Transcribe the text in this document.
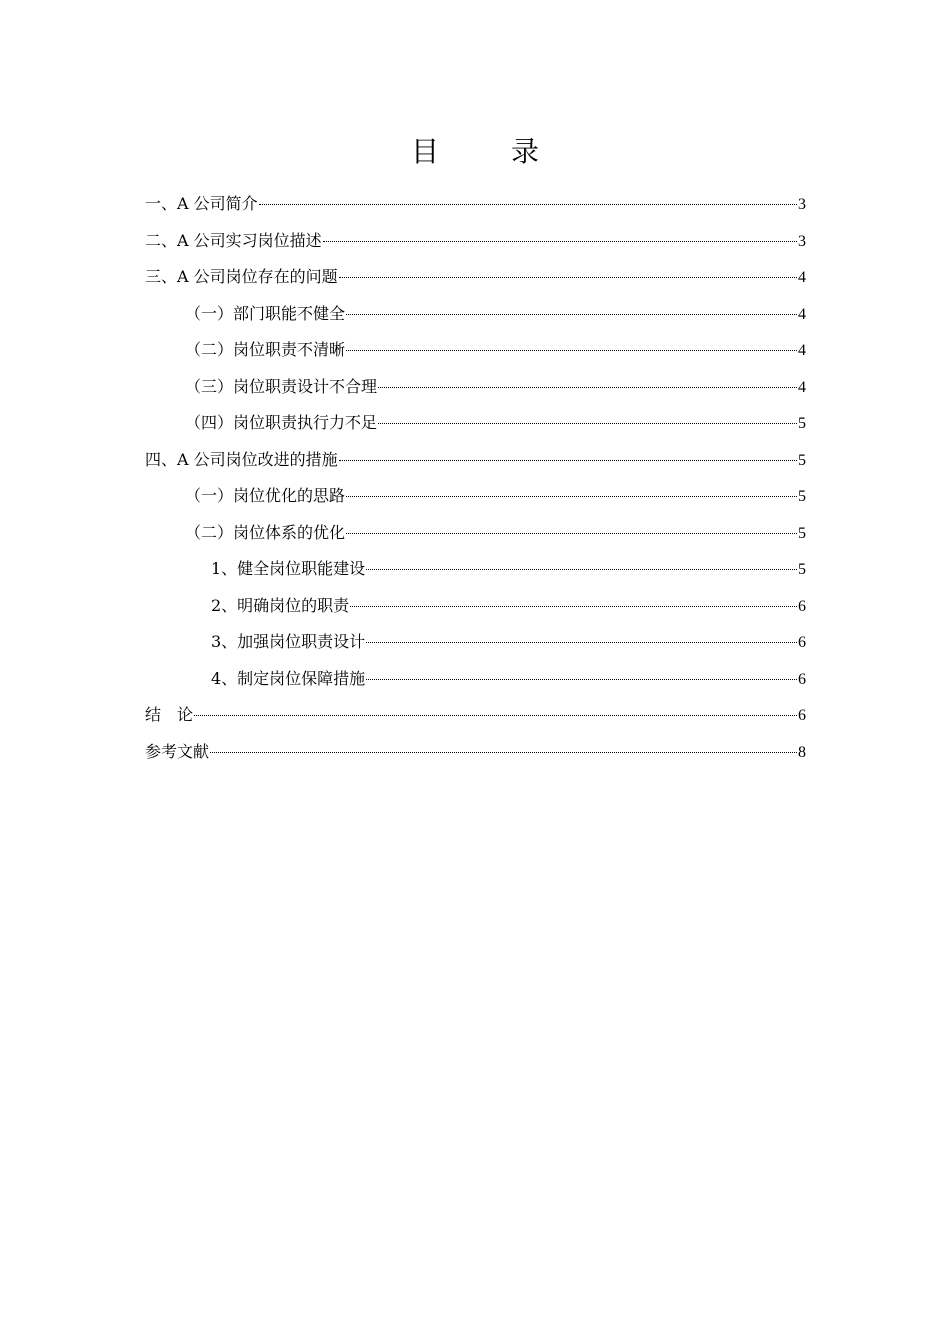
目　录
一、A 公司简介	3
二、A 公司实习岗位描述	3
三、A 公司岗位存在的问题	4
（一）部门职能不健全	4
（二）岗位职责不清晰	4
（三）岗位职责设计不合理	4
（四）岗位职责执行力不足	5
四、A 公司岗位改进的措施	5
（一）岗位优化的思路	5
（二）岗位体系的优化	5
1、健全岗位职能建设	5
2、明确岗位的职责	6
3、加强岗位职责设计	6
4、制定岗位保障措施	6
结　论	6
参考文献	8
